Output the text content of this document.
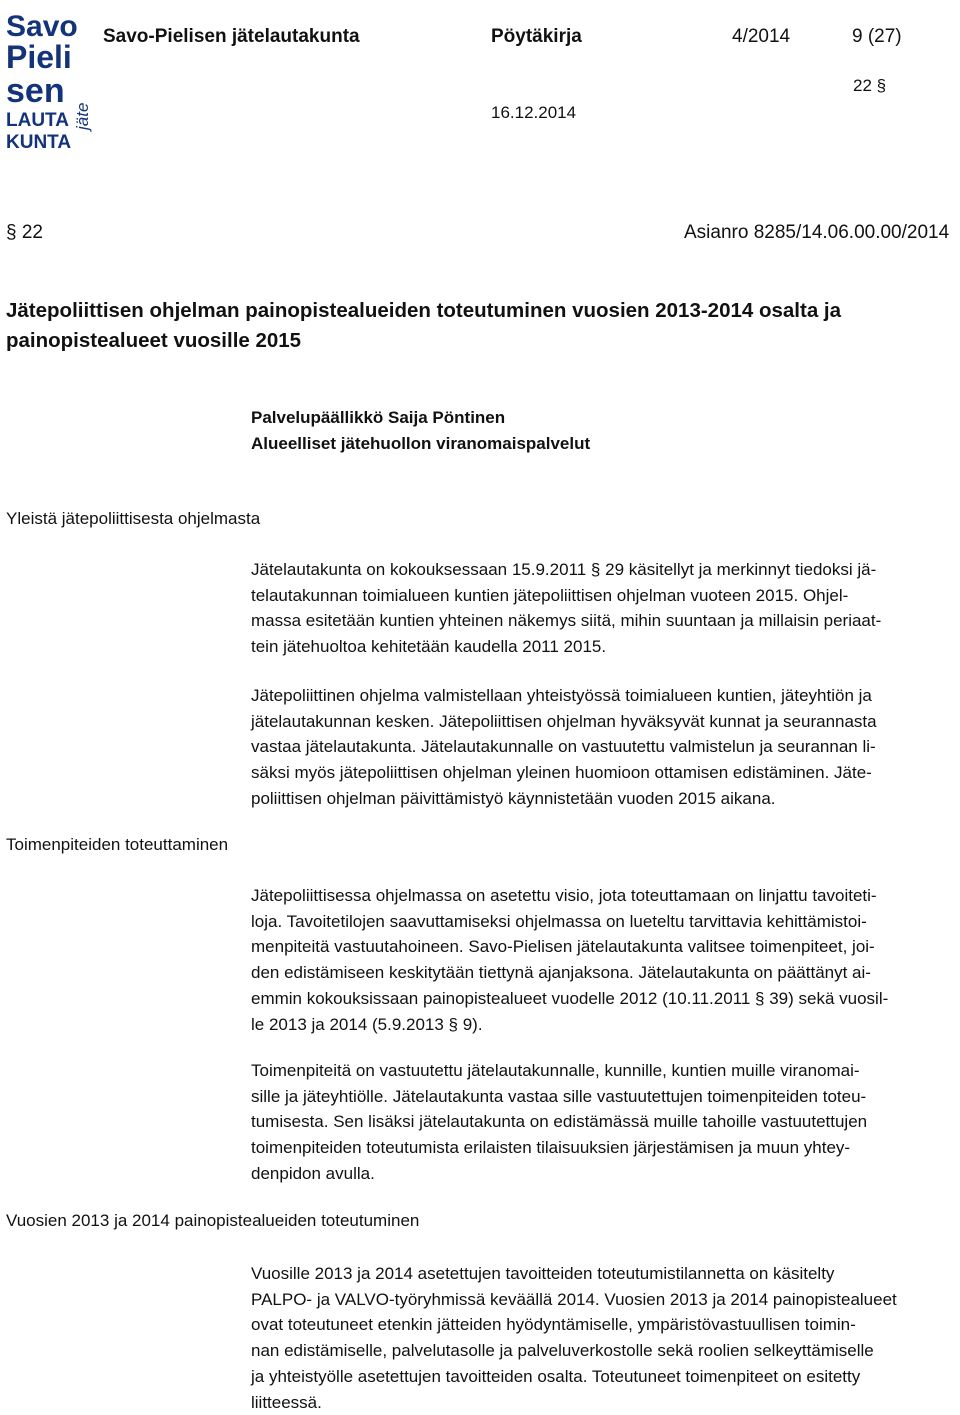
Savo
Pieli
sen
LAUTA
KUNTA
jäte
Savo-Pielisen jätelautakunta	Pöytäkirja	4/2014	9 (27)
22 §
16.12.2014
§ 22	Asianro 8285/14.06.00.00/2014
Jätepoliittisen ohjelman painopistealueiden toteutuminen vuosien 2013-2014 osalta ja painopistealueet vuosille 2015
Palvelupäällikkö Saija Pöntinen
Alueelliset jätehuollon viranomaispalvelut
Yleistä jätepoliittisesta ohjelmasta
Toimenpiteiden toteuttaminen
Vuosien 2013 ja 2014 painopistealueiden toteutuminen
Jätelautakunta on kokouksessaan 15.9.2011 § 29 käsitellyt ja merkinnyt tiedoksi jä-
telautakunnan toimialueen kuntien jätepoliittisen ohjelman vuoteen 2015. Ohjel-
massa esitetään kuntien yhteinen näkemys siitä, mihin suuntaan ja millaisin periaat-
tein jätehuoltoa kehitetään kaudella 2011 2015.
Jätepoliittinen ohjelma valmistellaan yhteistyössä toimialueen kuntien, jäteyhtiön ja
jätelautakunnan kesken. Jätepoliittisen ohjelman hyväksyvät kunnat ja seurannasta
vastaa jätelautakunta. Jätelautakunnalle on vastuutettu valmistelun ja seurannan li-
säksi myös jätepoliittisen ohjelman yleinen huomioon ottamisen edistäminen. Jäte-
poliittisen ohjelman päivittämistyö käynnistetään vuoden 2015 aikana.
Jätepoliittisessa ohjelmassa on asetettu visio, jota toteuttamaan on linjattu tavoiteti-
loja. Tavoitetilojen saavuttamiseksi ohjelmassa on lueteltu tarvittavia kehittämistoi-
menpiteitä vastuutahoineen. Savo-Pielisen jätelautakunta valitsee toimenpiteet, joi-
den edistämiseen keskitytään tiettynä ajanjaksona. Jätelautakunta on päättänyt ai-
emmin kokouksissaan painopistealueet vuodelle 2012 (10.11.2011 § 39) sekä vuosil-
le 2013 ja 2014 (5.9.2013 § 9).
Toimenpiteitä on vastuutettu jätelautakunnalle, kunnille, kuntien muille viranomai-
sille ja jäteyhtiölle. Jätelautakunta vastaa sille vastuutettujen toimenpiteiden toteu-
tumisesta. Sen lisäksi jätelautakunta on edistämässä muille tahoille vastuutettujen
toimenpiteiden toteutumista erilaisten tilaisuuksien järjestämisen ja muun yhtey-
denpidon avulla.
Vuosille 2013 ja 2014 asetettujen tavoitteiden toteutumistilannetta on käsitelty
PALPO- ja VALVO-työryhmissä keväällä 2014. Vuosien 2013 ja 2014 painopistealueet
ovat toteutuneet etenkin jätteiden hyödyntämiselle, ympäristövastuullisen toimin-
nan edistämiselle, palvelutasolle ja palveluverkostolle sekä roolien selkeyttämiselle
ja yhteistyölle asetettujen tavoitteiden osalta. Toteutuneet toimenpiteet on esitetty
liitteessä.
